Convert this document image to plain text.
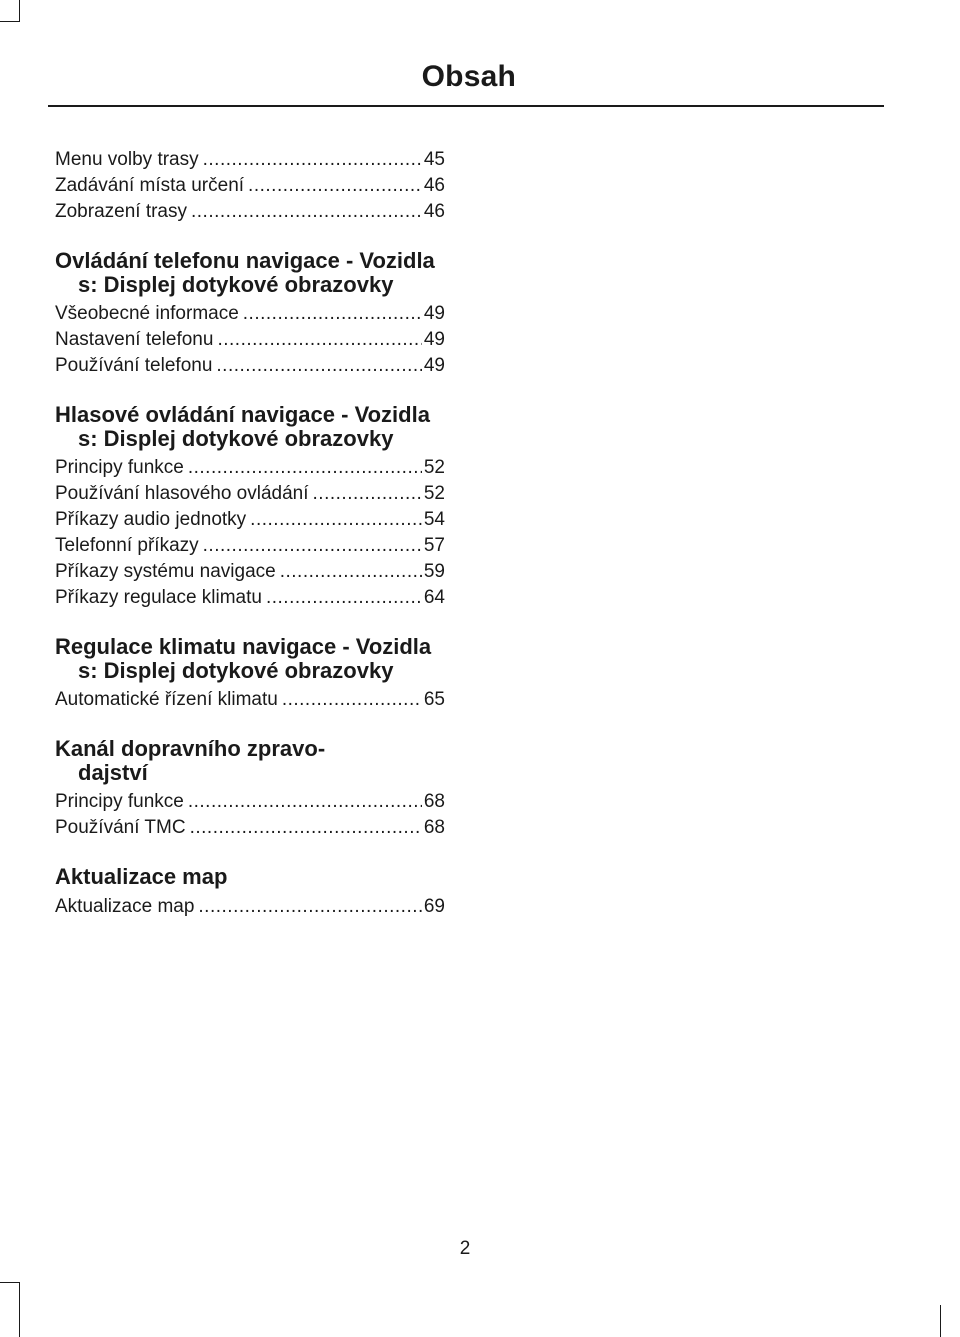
Obsah
Menu volby trasy .....	45
Zadávání místa určení .....	46
Zobrazení trasy .....	46
Ovládání telefonu navigace - Vozidla s: Displej dotykové obrazovky
Všeobecné informace .....	49
Nastavení telefonu .....	49
Používání telefonu .....	49
Hlasové ovládání navigace - Vozidla s: Displej dotykové obrazovky
Principy funkce .....	52
Používání hlasového ovládání .....	52
Příkazy audio jednotky .....	54
Telefonní příkazy .....	57
Příkazy systému navigace .....	59
Příkazy regulace klimatu .....	64
Regulace klimatu navigace - Vozidla s: Displej dotykové obrazovky
Automatické řízení klimatu .....	65
Kanál dopravního zpravo-
dajství
Principy funkce .....	68
Používání TMC .....	68
Aktualizace map
Aktualizace map .....	69
2
